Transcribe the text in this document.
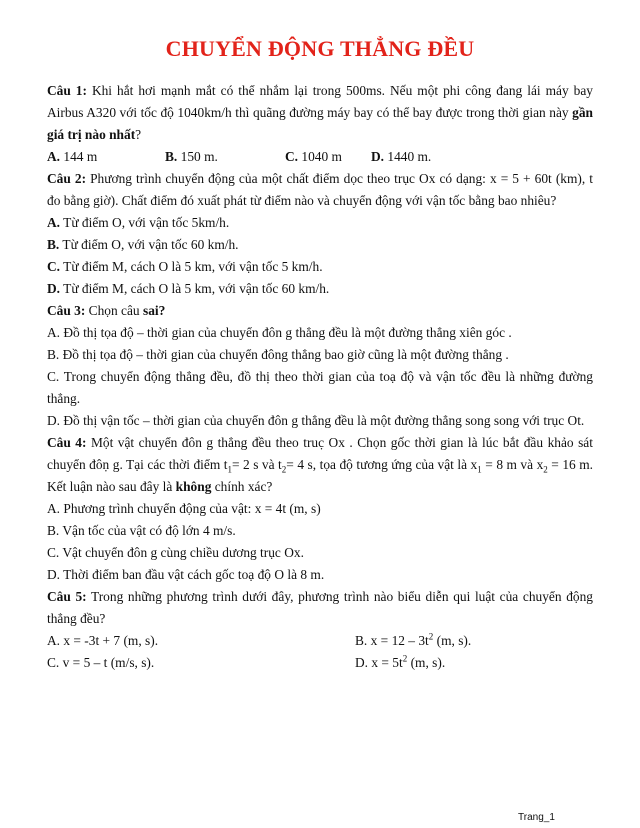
CHUYỂN ĐỘNG THẲNG ĐỀU

Câu 1: Khi hắt hơi mạnh mắt có thể nhắm lại trong 500ms. Nếu một phi công đang lái máy bay Airbus A320 với tốc độ 1040km/h thì quãng đường máy bay có thể bay được trong thời gian này gần giá trị nào nhất?

A. 144 m	B. 150 m.	C. 1040 m	D. 1440 m.

Câu 2: Phương trình chuyển động của một chất điểm dọc theo trục Ox có dạng: x = 5 + 60t (km), t đo bằng giờ). Chất điểm đó xuất phát từ điểm nào và chuyển động với vận tốc bằng bao nhiêu?

A. Từ điểm O, với vận tốc 5km/h.
B. Từ điểm O, với vận tốc 60 km/h.
C. Từ điểm M, cách O là 5 km, với vận tốc 5 km/h.
D. Từ điểm M, cách O là 5 km, với vận tốc 60 km/h.

Câu 3: Chọn câu sai?

A. Đồ thị tọa độ – thời gian của chuyển đôn g thẳng đều là một đường thẳng xiên góc .

B. Đồ thị tọa độ – thời gian của chuyển đông thẳng bao giờ cũng là một đường thẳng .

C. Trong chuyển động thẳng đều, đồ thị theo thời gian của toạ độ và vận tốc đều là những đường thẳng.

D. Đồ thị vận tốc – thời gian của chuyển đôn g thẳng đều là một đường thẳng song song với trục Ot.

Câu 4: Một vật chuyển đôn g thẳng đều theo truc̣ Ox . Chọn gốc thời gian là lúc bắt đầu khảo sát chuyển đôṇ g. Tại các thời điểm $t_1= 2$ s và $t_2= 4$ s, tọa độ tương ứng của vật là $x_1 = 8$ m và $x_2 = 16$ m. Kết luận nào sau đây là không chính xác?

A. Phương trình chuyển động của vật: x = 4t (m, s)

B. Vận tốc của vật có độ lớn 4 m/s.

C. Vật chuyển đôn g cùng chiều dương trục Ox.

D. Thời điểm ban đầu vật cách gốc toạ độ O là 8 m.

Câu 5: Trong những phương trình dưới đây, phương trình nào biểu diễn qui luật của chuyển động thẳng đều?

A. x = -3t + 7 (m, s).	B. $x = 12 - 3t^2$ (m, s).
C. v = 5 – t (m/s, s).	D. $x = 5t^2$ (m, s).
Trang_1
